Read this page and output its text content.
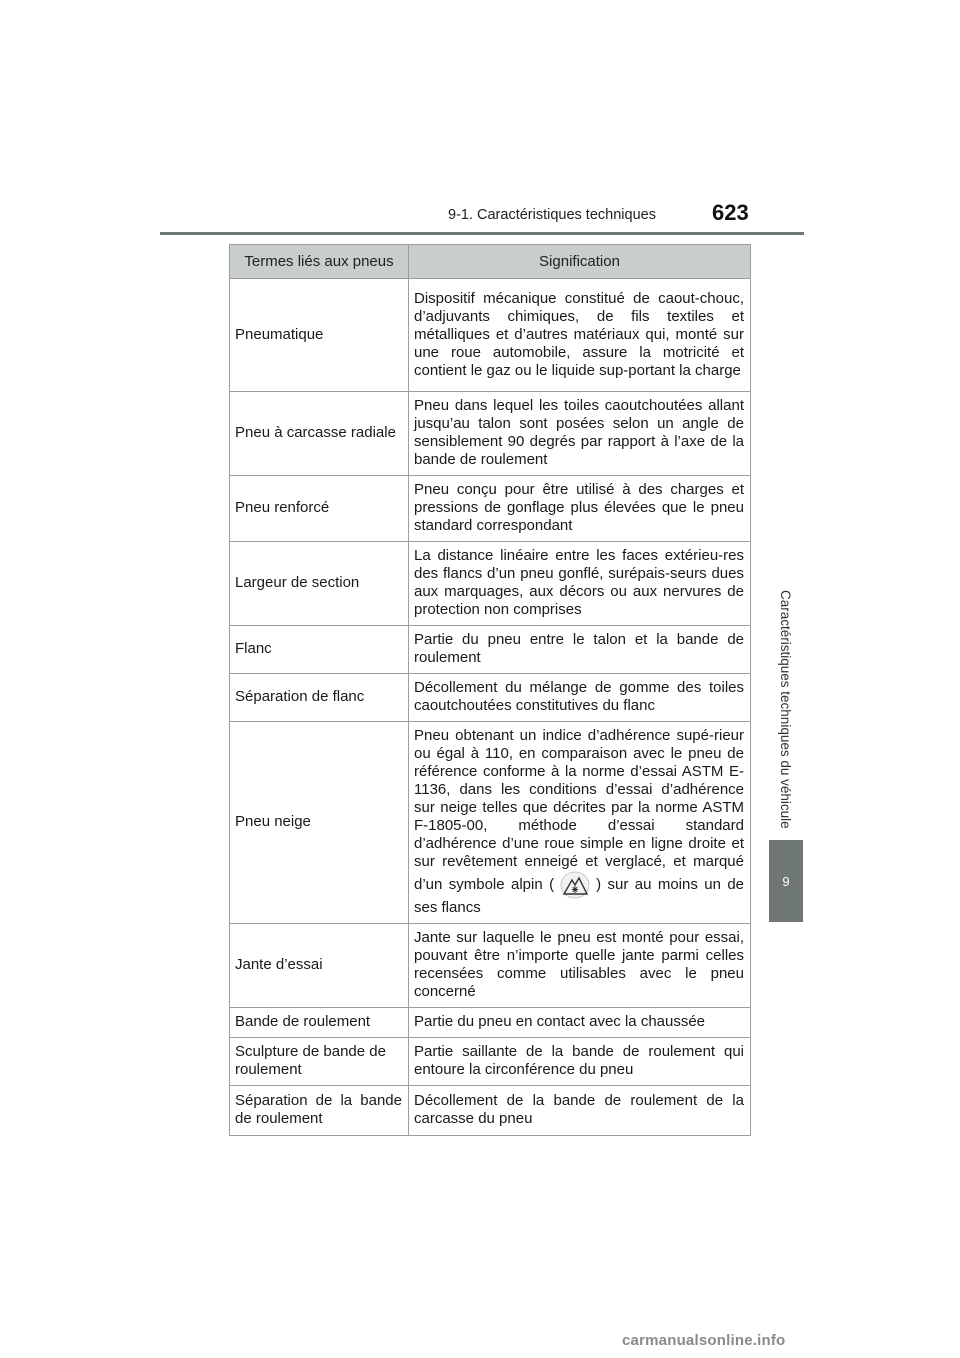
9-1. Caractéristiques techniques	623
Caractéristiques techniques du véhicule
9
Termes liés aux pneus	Signification
Pneumatique	Dispositif mécanique constitué de caout-chouc, d’adjuvants chimiques, de fils textiles et métalliques et d’autres matériaux qui, monté sur une roue automobile, assure la motricité et contient le gaz ou le liquide sup-portant la charge
Pneu à carcasse radiale	Pneu dans lequel les toiles caoutchoutées allant jusqu’au talon sont posées selon un angle de sensiblement 90 degrés par rapport à l’axe de la bande de roulement
Pneu renforcé	Pneu conçu pour être utilisé à des charges et pressions de gonflage plus élevées que le pneu standard correspondant
Largeur de section	La distance linéaire entre les faces extérieu-res des flancs d’un pneu gonflé, surépais-seurs dues aux marquages, aux décors ou aux nervures de protection non comprises
Flanc	Partie du pneu entre le talon et la bande de roulement
Séparation de flanc	Décollement du mélange de gomme des toiles caoutchoutées constitutives du flanc
Pneu neige	Pneu obtenant un indice d’adhérence supé-rieur ou égal à 110, en comparaison avec le pneu de référence conforme à la norme d’essai ASTM E-1136, dans les conditions d’essai d’adhérence sur neige telles que décrites par la norme ASTM F-1805-00, méthode d’essai standard d’adhérence d’une roue simple en ligne droite et sur revêtement enneigé et verglacé, et marqué d’un symbole alpin ( ) sur au moins un de ses flancs
Jante d’essai	Jante sur laquelle le pneu est monté pour essai, pouvant être n’importe quelle jante parmi celles recensées comme utilisables avec le pneu concerné
Bande de roulement	Partie du pneu en contact avec la chaussée
Sculpture de bande de roulement	Partie saillante de la bande de roulement qui entoure la circonférence du pneu
Séparation de la bande de roulement	Décollement de la bande de roulement de la carcasse du pneu
carmanualsonline.info
